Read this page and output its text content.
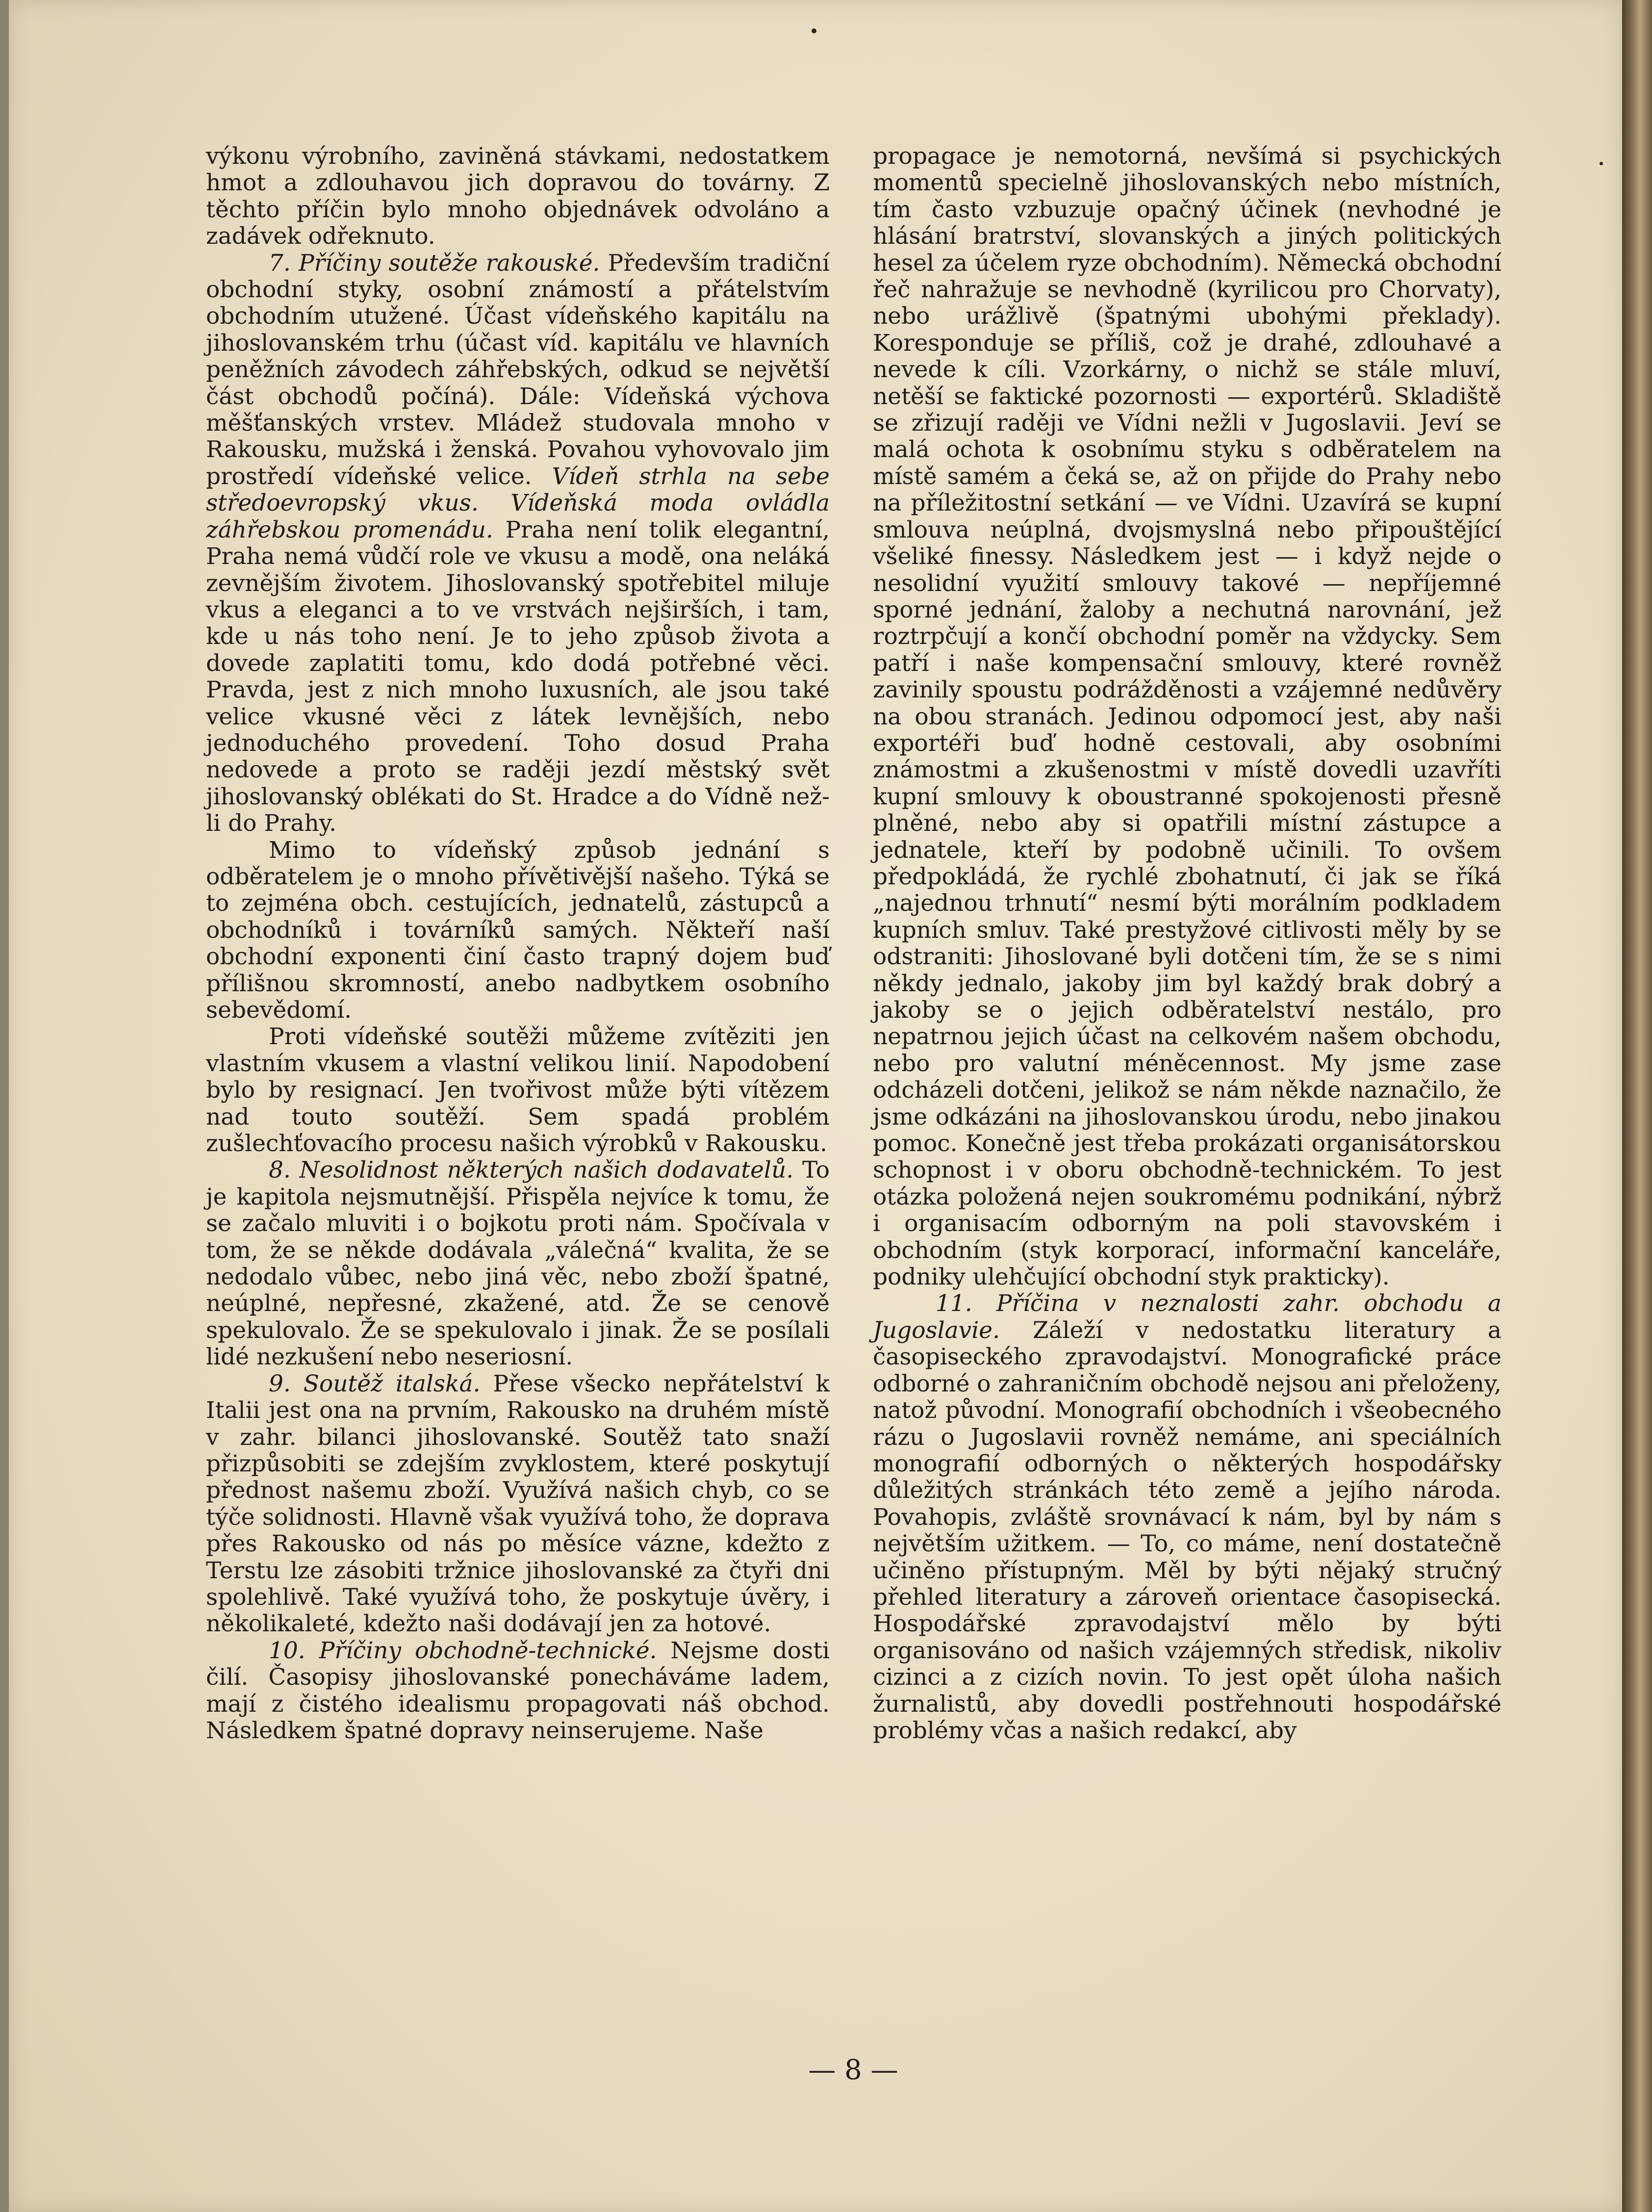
výkonu výrobního, zaviněná stávkami, nedostatkem hmot a zdlouhavou jich dopravou do továrny. Z těchto příčin bylo mnoho objednávek odvoláno a zadávek odřeknuto.

7. Příčiny soutěže rakouské. Především tradiční obchodní styky, osobní známostí a přátelstvím obchodním utužené. Účast vídeňského kapitálu na jihoslovanském trhu (účast víd. kapitálu ve hlavních peněžních závodech záhřebských, odkud se největší část obchodů počíná). Dále: Vídeňská výchova měšťanských vrstev. Mládež studovala mnoho v Rakousku, mužská i ženská. Povahou vyhovovalo jim prostředí vídeňské velice. Vídeň strhla na sebe středoevropský vkus. Vídeňská moda ovládla záhřebskou promenádu. Praha není tolik elegantní, Praha nemá vůdčí role ve vkusu a modě, ona neláká zevnějším životem. Jihoslovanský spotřebitel miluje vkus a eleganci a to ve vrstvách nejširších, i tam, kde u nás toho není. Je to jeho způsob života a dovede zaplatiti tomu, kdo dodá potřebné věci. Pravda, jest z nich mnoho luxusních, ale jsou také velice vkusné věci z látek levnějších, nebo jednoduchého provedení. Toho dosud Praha nedovede a proto se raději jezdí městský svět jihoslovanský oblékati do St. Hradce a do Vídně než-li do Prahy.

Mimo to vídeňský způsob jednání s odběratelem je o mnoho přívětivější našeho. Týká se to zejména obch. cestujících, jednatelů, zástupců a obchodníků i továrníků samých. Někteří naší obchodní exponenti činí často trapný dojem buď přílišnou skromností, anebo nadbytkem osobního sebevědomí.

Proti vídeňské soutěži můžeme zvítěziti jen vlastním vkusem a vlastní velikou linií. Napodobení bylo by resignací. Jen tvořivost může býti vítězem nad touto soutěží. Sem spadá problém zušlechťovacího procesu našich výrobků v Rakousku.

8. Nesolidnost některých našich dodavatelů. To je kapitola nejsmutnější. Přispěla nejvíce k tomu, že se začalo mluviti i o bojkotu proti nám. Spočívala v tom, že se někde dodávala „válečná“ kvalita, že se nedodalo vůbec, nebo jiná věc, nebo zboží špatné, neúplné, nepřesné, zkažené, atd. Že se cenově spekulovalo. Že se spekulovalo i jinak. Že se posílali lidé nezkušení nebo neseriosní.

9. Soutěž italská. Přese všecko nepřátelství k Italii jest ona na prvním, Rakousko na druhém místě v zahr. bilanci jihoslovanské. Soutěž tato snaží přizpůsobiti se zdejším zvyklostem, které poskytují přednost našemu zboží. Využívá našich chyb, co se týče solidnosti. Hlavně však využívá toho, že doprava přes Rakousko od nás po měsíce vázne, kdežto z Terstu lze zásobiti tržnice jihoslovanské za čtyři dni spolehlivě. Také využívá toho, že poskytuje úvěry, i několikaleté, kdežto naši dodávají jen za hotové.

10. Příčiny obchodně-technické. Nejsme dosti čilí. Časopisy jihoslovanské ponecháváme ladem, mají z čistého idealismu propagovati náš obchod. Následkem špatné dopravy neinserujeme. Naše

propagace je nemotorná, nevšímá si psychických momentů specielně jihoslovanských nebo místních, tím často vzbuzuje opačný účinek (nevhodné je hlásání bratrství, slovanských a jiných politických hesel za účelem ryze obchodním). Německá obchodní řeč nahražuje se nevhodně (kyrilicou pro Chorvaty), nebo urážlivě (špatnými ubohými překlady). Koresponduje se příliš, což je drahé, zdlouhavé a nevede k cíli. Vzorkárny, o nichž se stále mluví, netěší se faktické pozornosti — exportérů. Skladiště se zřizují raději ve Vídni nežli v Jugoslavii. Jeví se malá ochota k osobnímu styku s odběratelem na místě samém a čeká se, až on přijde do Prahy nebo na příležitostní setkání — ve Vídni. Uzavírá se kupní smlouva neúplná, dvojsmyslná nebo připouštějící všeliké finessy. Následkem jest — i když nejde o nesolidní využití smlouvy takové — nepříjemné sporné jednání, žaloby a nechutná narovnání, jež roztrpčují a končí obchodní poměr na vždycky. Sem patří i naše kompensační smlouvy, které rovněž zavinily spoustu podrážděnosti a vzájemné nedůvěry na obou stranách. Jedinou odpomocí jest, aby naši exportéři buď hodně cestovali, aby osobními známostmi a zkušenostmi v místě dovedli uzavříti kupní smlouvy k oboustranné spokojenosti přesně plněné, nebo aby si opatřili místní zástupce a jednatele, kteří by podobně učinili. To ovšem předpokládá, že rychlé zbohatnutí, či jak se říká „najednou trhnutí“ nesmí býti morálním podkladem kupních smluv. Také prestyžové citlivosti měly by se odstraniti: Jihoslované byli dotčeni tím, že se s nimi někdy jednalo, jakoby jim byl každý brak dobrý a jakoby se o jejich odběratelství nestálo, pro nepatrnou jejich účast na celkovém našem obchodu, nebo pro valutní méněcennost. My jsme zase odcházeli dotčeni, jelikož se nám někde naznačilo, že jsme odkázáni na jihoslovanskou úrodu, nebo jinakou pomoc. Konečně jest třeba prokázati organisátorskou schopnost i v oboru obchodně-technickém. To jest otázka položená nejen soukromému podnikání, nýbrž i organisacím odborným na poli stavovském i obchodním (styk korporací, informační kanceláře, podniky ulehčující obchodní styk prakticky).

11. Příčina v neznalosti zahr. obchodu a Jugoslavie. Záleží v nedostatku literatury a časopiseckého zpravodajství. Monografické práce odborné o zahraničním obchodě nejsou ani přeloženy, natož původní. Monografií obchodních i všeobecného rázu o Jugoslavii rovněž nemáme, ani speciálních monografií odborných o některých hospodářsky důležitých stránkách této země a jejího národa. Povahopis, zvláště srovnávací k nám, byl by nám s největším užitkem. — To, co máme, není dostatečně učiněno přístupným. Měl by býti nějaký stručný přehled literatury a zároveň orientace časopisecká. Hospodářské zpravodajství mělo by býti organisováno od našich vzájemných středisk, nikoliv cizinci a z cizích novin. To jest opět úloha našich žurnalistů, aby dovedli postřehnouti hospodářské problémy včas a našich redakcí, aby

— 8 —
